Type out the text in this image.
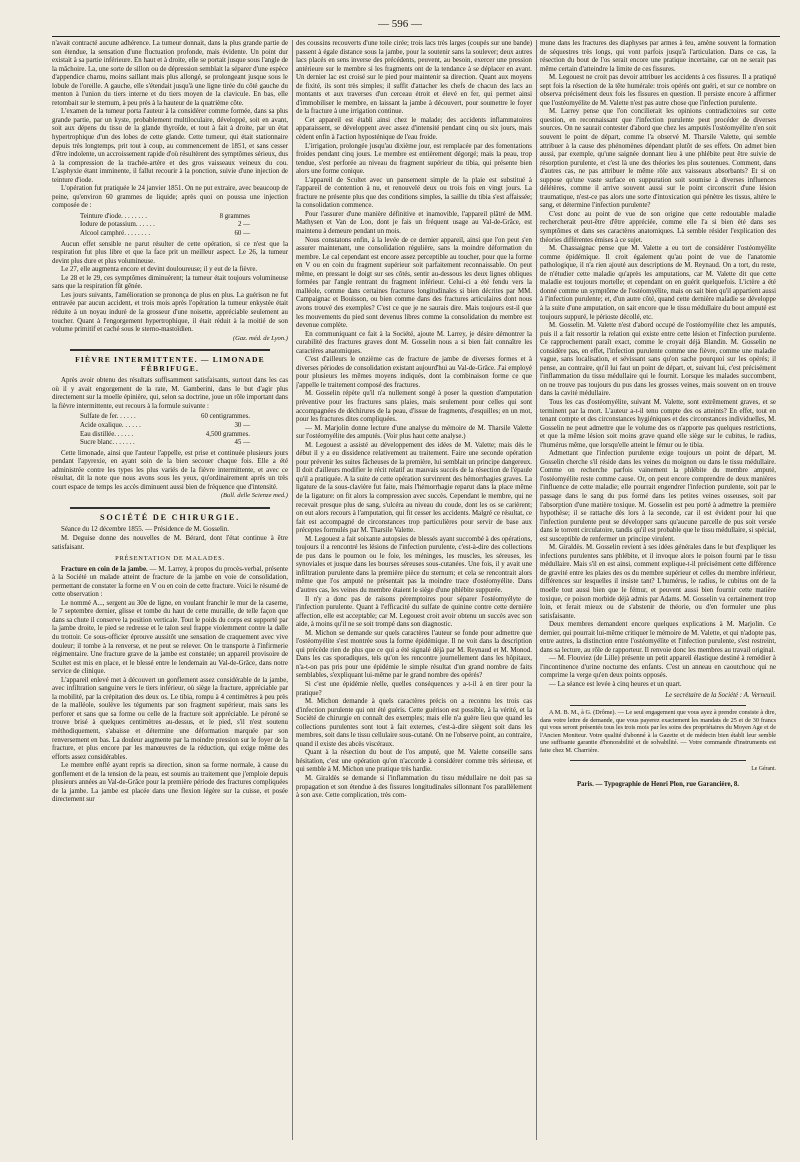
— 596 —

n'avait contracté aucune adhérence. La tumeur donnait, dans la plus grande partie de son étendue, la sensation d'une fluctuation profonde, mais évidente. Un point dur existait à sa partie inférieure. En haut et à droite, elle se portait jusque sous l'angle de la mâchoire. La, une sorte de sillon ou de dépression semblait la séparer d'une espèce d'appendice charnu, moins saillant mais plus allongé, se prolongeant jusque sous le lobule de l'oreille. A gauche, elle s'étendait jusqu'à une ligne tirée du côté gauche du menton à l'union du tiers interne et du tiers moyen de la clavicule. En bas, elle retombait sur le sternum, à peu près à la hauteur de la quatrième côte.

L'examen de la tumeur porta l'auteur à la considérer comme formée, dans sa plus grande partie, par un kyste, probablement multiloculaire, développé, soit en avant, soit aux dépens du tissu de la glande thyroïde, et tout à fait à droite, par un état hypertrophique d'un des lobes de cette glande. Cette tumeur, qui était stationnaire depuis très longtemps, prit tout à coup, au commencement de 1851, et sans cesser d'être indolente, un accroissement rapide d'où résultèrent des symptômes sérieux, dus à la compression de la trachée-artère et des gros vaisseaux veineux du cou. L'asphyxie étant imminente, il fallut recourir à la ponction, suivie d'une injection de teinture d'iode.

L'opération fut pratiquée le 24 janvier 1851. On ne put extraire, avec beaucoup de peine, qu'environ 60 grammes de liquide; après quoi on poussa une injection composée de :

Teinture d'iode. . . . . . . .	8 grammes
Iodure de potassium. . . . . .	2 —
Alcool camphré. . . . . . . .	60 —

Aucun effet sensible ne parut résulter de cette opération, si ce n'est que la respiration fut plus libre et que la face prit un meilleur aspect. Le 26, la tumeur devint plus dure et plus volumineuse.

Le 27, elle augmenta encore et devint douloureuse; il y eut de la fièvre.

Le 28 et le 29, ces symptômes diminuèrent; la tumeur était toujours volumineuse sans que la respiration fût gênée.

Les jours suivants, l'amélioration se prononça de plus en plus. La guérison ne fut entravée par aucun accident, et trois mois après l'opération la tumeur enkystée était réduite à un noyau induré de la grosseur d'une noisette, appréciable seulement au toucher. Quant à l'engorgement hypertrophique, il était réduit à la moitié de son volume primitif et caché sous le sterno-mastoïdien.

(Gaz. méd. de Lyon.)
FIÈVRE INTERMITTENTE. — LIMONADE FÉBRIFUGE.

Après avoir obtenu des résultats suffisamment satisfaisants, surtout dans les cas où il y avait engorgement de la rate, M. Gamberini, dans le but d'agir plus directement sur la moelle épinière, qui, selon sa doctrine, joue un rôle important dans la fièvre intermittente, eut recours à la formule suivante :

Sulfate de fer. . . . . .	60 centigrammes.
Acide oxalique. . . . . .	30 —
Eau distillée. . . . . .	4,500 grammes.
Sucre blanc. . . . . . .	45 —

Cette limonade, ainsi que l'auteur l'appelle, est prise et continuée plusieurs jours pendant l'apyrexie, en ayant soin de la bien secouer chaque fois. Elle a été administrée contre les types les plus variés de la fièvre intermittente, et avec ce résultat, dit la note que nous avons sous les yeux, qu'ordinairement après un très court espace de temps les accès diminuent aussi bien de fréquence que d'intensité.

(Bull. delle Scienze med.)
SOCIÉTÉ DE CHIRURGIE.

Séance du 12 décembre 1855. — Présidence de M. Gosselin.

M. Deguise donne des nouvelles de M. Bérard, dont l'état continue à être satisfaisant.

PRÉSENTATION DE MALADES.

Fracture en coin de la jambe. — M. Larrey, à propos du procès-verbal, présente à la Société un malade atteint de fracture de la jambe en voie de consolidation, permettant de constater la forme en V ou en coin de cette fracture. Voici le résumé de cette observation :

Le nommé A..., sergent au 30e de ligne, en voulant franchir le mur de la caserne, le 7 septembre dernier, glisse et tombe du haut de cette muraille, de telle façon que dans sa chute il conserve la position verticale. Tout le poids du corps est supporté par la jambe droite, le pied se redresse et le talon seul frappe violemment contre la dalle du trottoir. Ce sous-officier éprouve aussitôt une sensation de craquement avec vive douleur; il tombe à la renverse, et ne peut se relever. On le transporte à l'infirmerie régimentaire. Une fracture grave de la jambe est constatée; un appareil provisoire de Scultet est mis en place, et le blessé entre le lendemain au Val-de-Grâce, dans notre service de clinique.

L'appareil enlevé met à découvert un gonflement assez considérable de la jambe, avec infiltration sanguine vers le tiers inférieur, où siège la fracture, appréciable par la mobilité, par la crépitation des deux os. Le tibia, rompu à 4 centimètres à peu près de la malléole, soulève les téguments par son fragment supérieur, mais sans les perforer et sans que sa forme ou celle de la fracture soit appréciable. Le péroné se trouve brisé à quelques centimètres au-dessus, et le pied, s'il n'est soutenu méthodiquement, s'abaisse et détermine une déformation marquée par son renversement en bas. La douleur augmente par la moindre pression sur le foyer de la fracture, et plus encore par les manœuvres de la réduction, qui exige même des efforts assez considérables.

Le membre enflé ayant repris sa direction, sinon sa forme normale, à cause du gonflement et de la tension de la peau, est soumis au traitement que j'emploie depuis plusieurs années au Val-de-Grâce pour la première période des fractures compliquées de la jambe. La jambe est placée dans une flexion légère sur la cuisse, et posée directement sur

des coussins recouverts d'une toile cirée; trois lacs très larges (coupés sur une bande) passent à égale distance sous la jambe, pour la soutenir sans la soulever; deux autres lacs placés en sens inverse des précédents, peuvent, au besoin, exercer une pression antérieure sur le membre si les fragments ont de la tendance à se déplacer en avant. Un dernier lac est croisé sur le pied pour maintenir sa direction. Quant aux moyens de fixité, ils sont très simples; il suffit d'attacher les chefs de chacun des lacs au montants et aux traverses d'un cerceau étroit et élevé en fer, qui permet ainsi d'immobiliser le membre, en laissant la jambe à découvert, pour soumettre le foyer de la fracture à une irrigation continue.

Cet appareil est établi ainsi chez le malade; des accidents inflammatoires apparaissent, se développent avec assez d'intensité pendant cinq ou six jours, mais cèdent enfin à l'action hyposténique de l'eau froide.

L'irrigation, prolongée jusqu'au dixième jour, est remplacée par des fomentations froides pendant cinq jours. Le membre est entièrement dégorgé; mais la peau, trop tendue, s'est perforée au niveau du fragment supérieur du tibia, qui présente bien alors une forme conique.

L'appareil de Scultet avec un pansement simple de la plaie est substitué à l'appareil de contention à nu, et renouvelé deux ou trois fois en vingt jours. La fracture ne présente plus que des conditions simples, la saillie du tibia s'est affaissée; la consolidation commence.

Pour l'assurer d'une manière définitive et inamovible, l'appareil plâtré de MM. Mathysen et Van de Loo, dont je fais un fréquent usage au Val-de-Grâce, est maintenu à demeure pendant un mois.

Nous constatons enfin, à la levée de ce dernier appareil, ainsi que l'on peut s'en assurer maintenant, une consolidation régulière, sans la moindre déformation du membre. Le cal cependant est encore assez perceptible au toucher, pour que la forme en V ou en coin du fragment supérieur soit parfaitement reconnaissable. On peut même, en pressant le doigt sur ses côtés, sentir au-dessous les deux lignes obliques formées par l'angle rentrant du fragment inférieur. Celui-ci a été fendu vers la malléole, comme dans certaines fractures longitudinales si bien décrites par MM. Campaignac et Bouisson, ou bien comme dans des fractures articulaires dont nous avons trouvé des exemples? C'est ce que je ne saurais dire. Mais toujours est-il que les mouvements du pied sont devenus libres comme la consolidation du membre est devenue complète.

En communiquant ce fait à la Société, ajoute M. Larrey, je désire démontrer la curabilité des fractures graves dont M. Gosselin nous a si bien fait connaître les caractères anatomiques.

C'est d'ailleurs le onzième cas de fracture de jambe de diverses formes et à diverses périodes de consolidation existant aujourd'hui au Val-de-Grâce. J'ai employé pour plusieurs les mêmes moyens indiqués, dont la combinaison forme ce que j'appelle le traitement composé des fractures.

M. Gosselin répète qu'il n'a nullement songé à poser la question d'amputation préventive pour les fractures sans plaies, mais seulement pour celles qui sont accompagnées de déchirures de la peau, d'issue de fragments, d'esquilles; en un mot, pour les fractures dites compliquées.

— M. Marjolin donne lecture d'une analyse du mémoire de M. Tharsile Valette sur l'ostéomyélite des amputés. (Voir plus haut cette analyse.)

M. Legouest a assisté au développement des idées de M. Valette; mais dès le début il y a eu dissidence relativement au traitement. Faire une seconde opération pour prévenir les suites fâcheuses de la première, lui semblait un principe dangereux. Il doit d'ailleurs modifier le récit relatif au mauvais succès de la résection de l'épaule qu'il a pratiquée. A la suite de cette opération survinrent des hémorrhagies graves. La ligature de la sous-clavière fut faite, mais l'hémorrhagie reparut dans la place même de la ligature: on fit alors la compression avec succès. Cependant le membre, qui ne recevait presque plus de sang, s'ulcéra au niveau du coude, dont les os se carièrent; on eut alors recours à l'amputation, qui fit cesser les accidents. Malgré ce résultat, ce fait est accompagné de circonstances trop particulières pour servir de base aux préceptes formulés par M. Tharsile Valette.

M. Legouest a fait soixante autopsies de blessés ayant succombé à des opérations, toujours il a rencontré les lésions de l'infection purulente, c'est-à-dire des collections de pus dans le poumon ou le foie, les méninges, les muscles, les séreuses, les synoviales et jusque dans les bourses séreuses sous-cutanées. Une fois, il y avait une infiltration purulente dans la première pièce du sternum; et cela se rencontrait alors même que l'os amputé ne présentait pas la moindre trace d'ostéomyélite. Dans d'autres cas, les veines du membre étaient le siège d'une phlébite suppurée.

Il n'y a donc pas de raisons péremptoires pour séparer l'ostéomyélyte de l'infection purulente. Quant à l'efficacité du sulfate de quinine contre cette dernière affection, elle est acceptable; car M. Legouest croit avoir obtenu un succès avec son aide, à moins qu'il ne se soit trompé dans son diagnostic.

M. Michon se demande sur quels caractères l'auteur se fonde pour admettre que l'ostéomyélite s'est montrée sous la forme épidémique. Il ne voit dans la description qui précède rien de plus que ce qui a été signalé déjà par M. Reynaud et M. Monod. Dans les cas sporadiques, tels qu'on les rencontre journellement dans les hôpitaux, n'a-t-on pas pris pour une épidémie le simple résultat d'un grand nombre de faits semblables, s'expliquant lui-même par le grand nombre des opérés?

Si c'est une épidémie réelle, quelles conséquences y a-t-il à en tirer pour la pratique?

M. Michon demande à quels caractères précis on a reconnu les trois cas d'infection purulente qui ont été guéris. Cette guérison est possible, à la vérité, et la Société de chirurgie en connaît des exemples; mais elle n'a guère lieu que quand les collections purulentes sont tout à fait externes, c'est-à-dire siègent soit dans les membres, soit dans le tissu cellulaire sous-cutané. On ne l'observe point, au contraire, quand il existe des abcès viscéraux.

Quant à la résection du bout de l'os amputé, que M. Valette conseille sans hésitation, c'est une opération qu'on n'accorde à considérer comme très sérieuse, et qui semble à M. Michon une pratique très hardie.

M. Giraldès se demande si l'inflammation du tissu médullaire ne doit pas sa propagation et son étendue à des fissures longitudinales sillonnant l'os parallèlement à son axe. Cette complication, très com-

mune dans les fractures des diaphyses par armes à feu, amène souvent la formation de séquestres très longs, qui vont parfois jusqu'à l'articulation. Dans ce cas, la résection du bout de l'os serait encore une pratique incertaine, car on ne serait pas même certain d'atteindre la limite de ces fissures.

M. Legouest ne croit pas devoir attribuer les accidents à ces fissures. Il a pratiqué sept fois la résection de la tête humérale: trois opérés ont guéri, et sur ce nombre on observa précisément deux fois les fissures en question. Il persiste encore à affirmer que l'ostéomyélite de M. Valette n'est pas autre chose que l'infection purulente.

M. Larrey pense que l'on concilierait les opinions contradictoires sur cette question, en reconnaissant que l'infection purulente peut procéder de diverses sources. On ne saurait contester d'abord que chez les amputés l'ostéomyélite n'en soit souvent le point de départ, comme l'a observé M. Tharsile Valette, qui semble attribuer à la cause des phénomènes dépendant plutôt de ses effets. On admet bien aussi, par exemple, qu'une saignée donnant lieu à une phlébite peut être suivie de résorption purulente, et c'est là une des théories les plus soutenues. Comment, dans d'autres cas, ne pas attribuer le même rôle aux vaisseaux absorbants? Et si on suppose qu'une vaste surface en suppuration soit soumise à diverses influences délétères, comme il arrive souvent aussi sur le point circonscrit d'une lésion traumatique, n'est-ce pas alors une sorte d'intoxication qui pénètre les tissus, altère le sang, et détermine l'infection purulente?

C'est donc au point de vue de son origine que cette redoutable maladie rechercherait peut-être d'être appréciée, comme elle l'a si bien été dans ses symptômes et dans ses caractères anatomiques. Là semble résider l'explication des théories différentes émises à ce sujet.

M. Chassaignac pense que M. Valette a eu tort de considérer l'ostéomyélite comme épidémique. Il croit également qu'au point de vue de l'anatomie pathologique, il n'a rien ajouté aux descriptions de M. Reynaud. On a tort, du reste, de n'étudier cette maladie qu'après les amputations, car M. Valette dit que cette maladie est toujours mortelle; et cependant on en guérit quelquefois. L'ictère a été donné comme un symptôme de l'ostéomyélite, mais on sait bien qu'il appartient aussi à l'infection purulente; et, d'un autre côté, quand cette dernière maladie se développe à la suite d'une amputation, on sait encore que le tissu médullaire du bout amputé est toujours suppuré, le périoste décollé, etc.

M. Gosselin. M. Valette n'est d'abord occupé de l'ostéomyélite chez les amputés, puis il a fait ressortir la relation qui existe entre cette lésion et l'infection purulente. Ce rapprochement paraît exact, comme le croyait déjà Blandin. M. Gosselin ne considère pas, en effet, l'infection purulente comme une fièvre, comme une maladie vague, sans localisation, et sévissant sans qu'on sache pourquoi sur les opérés; il pense, au contraire, qu'il lui faut un point de départ, et, suivant lui, c'est précisément l'inflammation du tissu médullaire qui le fournit. Lorsque les malades succombent, on ne trouve pas toujours du pus dans les grosses veines, mais souvent on en trouve dans la cavité médullaire.

Tous les cas d'ostéomyélite, suivant M. Valette, sont extrêmement graves, et se terminent par la mort. L'auteur a-t-il tenu compte des os atteints? En effet, tout en tenant compte et des circonstances hygiéniques et des circonstances individuelles, M. Gosselin ne peut admettre que le volume des os n'apporte pas quelques restrictions, et que la même lésion soit moins grave quand elle siège sur le cubitus, le radius, l'humérus même, que lorsqu'elle atteint le fémur ou le tibia.

Admettant que l'infection purulente exige toujours un point de départ, M. Gosselin cherche s'il réside dans les veines du moignon ou dans le tissu médullaire. Comme on recherche parfois vainement la phlébite du membre amputé, l'ostéomyélite reste comme cause. Or, on peut encore comprendre de deux manières l'influence de cette maladie; elle pourrait engendrer l'infection purulente, soit par le passage dans le sang du pus formé dans les petites veines osseuses, soit par l'absorption d'une matière toxique. M. Gosselin est peu porté à admettre la première hypothèse; il se rattache dès lors à la seconde, car il est évident pour lui que l'infection purulente peut se développer sans qu'aucune parcelle de pus soit versée dans le torrent circulatoire, tandis qu'il est probable que le tissu médullaire, si spécial, est susceptible de renfermer un principe virulent.

M. Giraldès. M. Gosselin revient à ses idées générales dans le but d'expliquer les infections purulentes sans phlébite, et il invoque alors le poison fourni par le tissu médullaire. Mais s'il en est ainsi, comment explique-t-il précisément cette différence de gravité entre les plaies des os du membre supérieur et celles du membre inférieur, différences sur lesquelles il insiste tant? L'humérus, le radius, le cubitus ont de la moelle tout aussi bien que le fémur, et peuvent aussi bien fournir cette matière toxique, ce poison morbide déjà admis par Adams. M. Gosselin va certainement trop loin, et ferait mieux ou de s'abstenir de théorie, ou d'en formuler une plus satisfaisante.

Deux membres demandent encore quelques explications à M. Marjolin. Ce dernier, qui pourrait lui-même critiquer le mémoire de M. Valette, et qui n'adopte pas, entre autres, la distinction entre l'ostéomyélite et l'infection purulente, s'est restreint, dans sa lecture, au rôle de rapporteur. Il renvoie donc les membres au travail original.

— M. Flouviez (de Lille) présente un petit appareil élastique destiné à remédier à l'incontinence d'urine nocturne des enfants. C'est un anneau en caoutchouc qui ne comprime la verge qu'en deux points opposés.

— La séance est levée à cinq heures et un quart.

Le secrétaire de la Société : A. Verneuil.

A M. B. M., à G. (Drôme). — Le seul engagement que vous ayez à prendre consiste à dire, dans votre lettre de demande, que vous payerez exactement les mandats de 25 et de 30 francs qui vous seront présentés tous les trois mois par les soins des propriétaires du Moyen Age et de l'Ancien Moniteur. Votre qualité d'abonné à la Gazette et de médecin bien établi leur semble une suffisante garantie d'honorabilité et de solvabilité. — Votre commande d'instruments est faite chez M. Charrière.

Le Gérant.
Paris. — Typographie de Henri Plon, rue Garancière, 8.
